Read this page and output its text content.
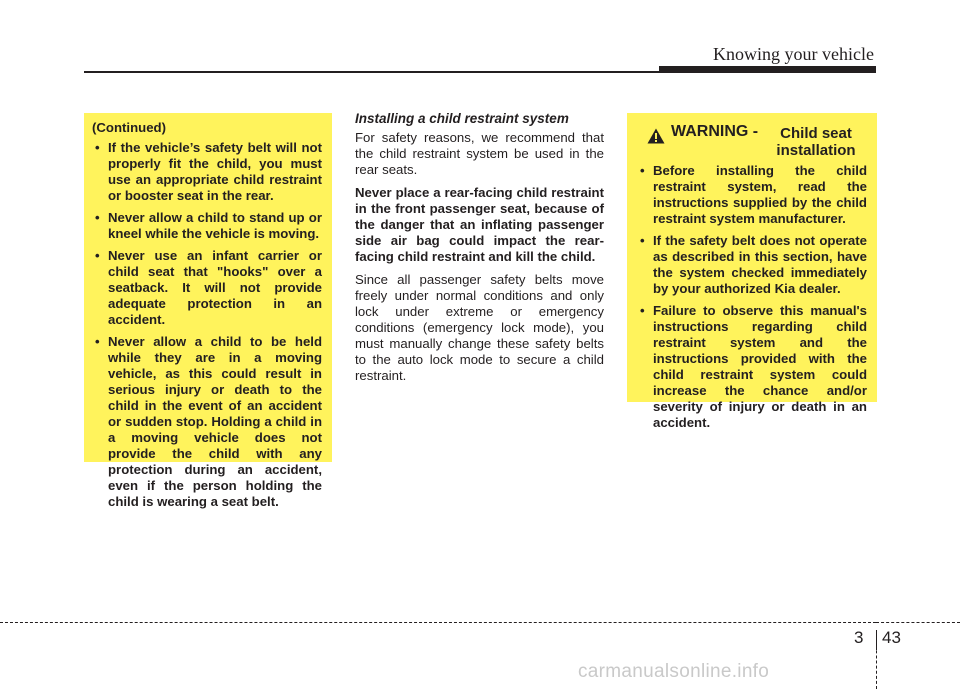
Knowing your vehicle
(Continued)
• If the vehicle’s safety belt will not properly fit the child, you must use an appropriate child restraint or booster seat in the rear.
• Never allow a child to stand up or kneel while the vehicle is moving.
• Never use an infant carrier or child seat that "hooks" over a seatback. It will not provide adequate protection in an accident.
• Never allow a child to be held while they are in a moving vehicle, as this could result in serious injury or death to the child in the event of an accident or sudden stop. Holding a child in a moving vehicle does not provide the child with any protection during an accident, even if the person holding the child is wearing a seat belt.

Installing a child restraint system

For safety reasons, we recommend that the child restraint system be used in the rear seats.

Never place a rear-facing child restraint in the front passenger seat, because of the danger that an inflating passenger side air bag could impact the rear-facing child restraint and kill the child.

Since all passenger safety belts move freely under normal conditions and only lock under extreme or emergency conditions (emergency lock mode), you must manually change these safety belts to the auto lock mode to secure a child restraint.

WARNING -	Child seat installation
• Before installing the child restraint system, read the instructions supplied by the child restraint system manufacturer.
• If the safety belt does not operate as described in this section, have the system checked immediately by your authorized Kia dealer.
• Failure to observe this manual's instructions regarding child restraint system and the instructions provided with the child restraint system could increase the chance and/or severity of injury or death in an accident.
3 43
carmanualsonline.info
